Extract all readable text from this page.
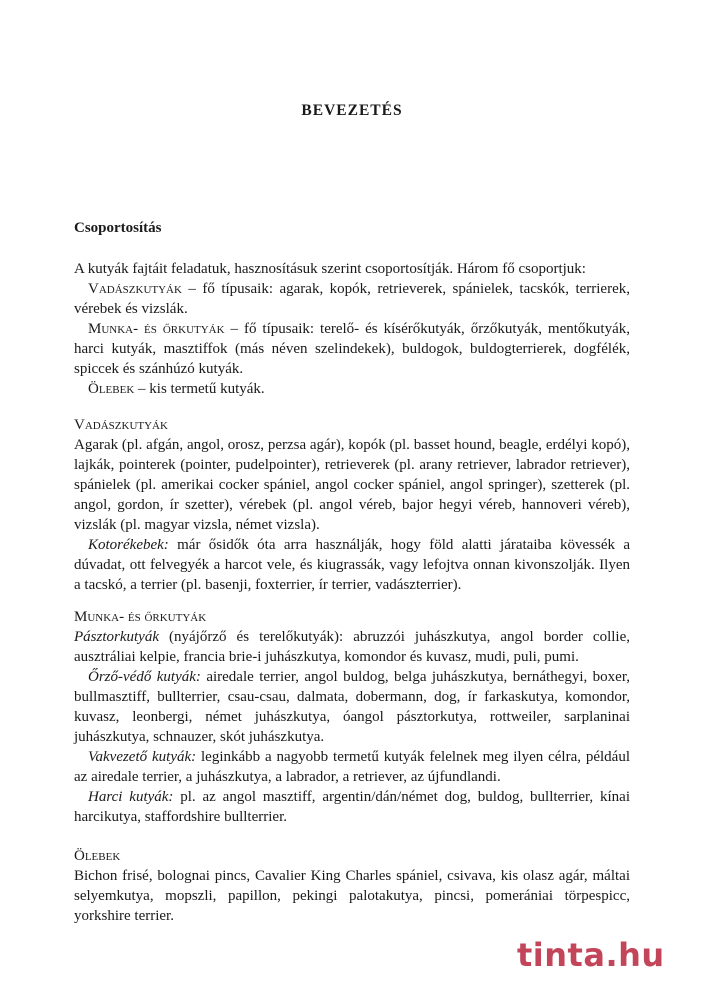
BEVEZETÉS
Csoportosítás

A kutyák fajtáit feladatuk, hasznosításuk szerint csoportosítják. Három fő csoportjuk:

Vadászkutyák – fő típusaik: agarak, kopók, retrieverek, spánielek, tacskók, terrierek, vérebek és vizslák.

Munka- és őrkutyák – fő típusaik: terelő- és kísérőkutyák, őrzőkutyák, mentőkutyák, harci kutyák, masztiffok (más néven szelindekek), buldogok, buldogterrierek, dogfélék, spiccek és szánhúzó kutyák.

Ölebek – kis termetű kutyák.

Vadászkutyák

Agarak (pl. afgán, angol, orosz, perzsa agár), kopók (pl. basset hound, beagle, erdélyi kopó), lajkák, pointerek (pointer, pudelpointer), retrieverek (pl. arany retriever, labrador retriever), spánielek (pl. amerikai cocker spániel, angol cocker spániel, angol springer), szetterek (pl. angol, gordon, ír szetter), vérebek (pl. angol véreb, bajor hegyi véreb, hannoveri véreb), vizslák (pl. magyar vizsla, német vizsla).

Kotorékebek: már ősidők óta arra használják, hogy föld alatti járataiba kövessék a dúvadat, ott felvegyék a harcot vele, és kiugrassák, vagy lefojtva onnan kivonszolják. Ilyen a tacskó, a terrier (pl. basenji, foxterrier, ír terrier, vadászterrier).

Munka- és őrkutyák

Pásztorkutyák (nyájőrző és terelőkutyák): abruzzói juhászkutya, angol border collie, ausztráliai kelpie, francia brie-i juhászkutya, komondor és kuvasz, mudi, puli, pumi.

Őrző-védő kutyák: airedale terrier, angol buldog, belga juhászkutya, bernáthegyi, boxer, bullmasztiff, bullterrier, csau-csau, dalmata, dobermann, dog, ír farkaskutya, komondor, kuvasz, leonbergi, német juhászkutya, óangol pásztorkutya, rottweiler, sarplaninai juhászkutya, schnauzer, skót juhászkutya.

Vakvezető kutyák: leginkább a nagyobb termetű kutyák felelnek meg ilyen célra, például az airedale terrier, a juhászkutya, a labrador, a retriever, az újfundlandi.

Harci kutyák: pl. az angol masztiff, argentin/dán/német dog, buldog, bullterrier, kínai harcikutya, staffordshire bullterrier.

Ölebek

Bichon frisé, bolognai pincs, Cavalier King Charles spániel, csivava, kis olasz agár, máltai selyemkutya, mopszli, papillon, pekingi palotakutya, pincsi, pomerániai törpespicc, yorkshire terrier.

tinta.hu
